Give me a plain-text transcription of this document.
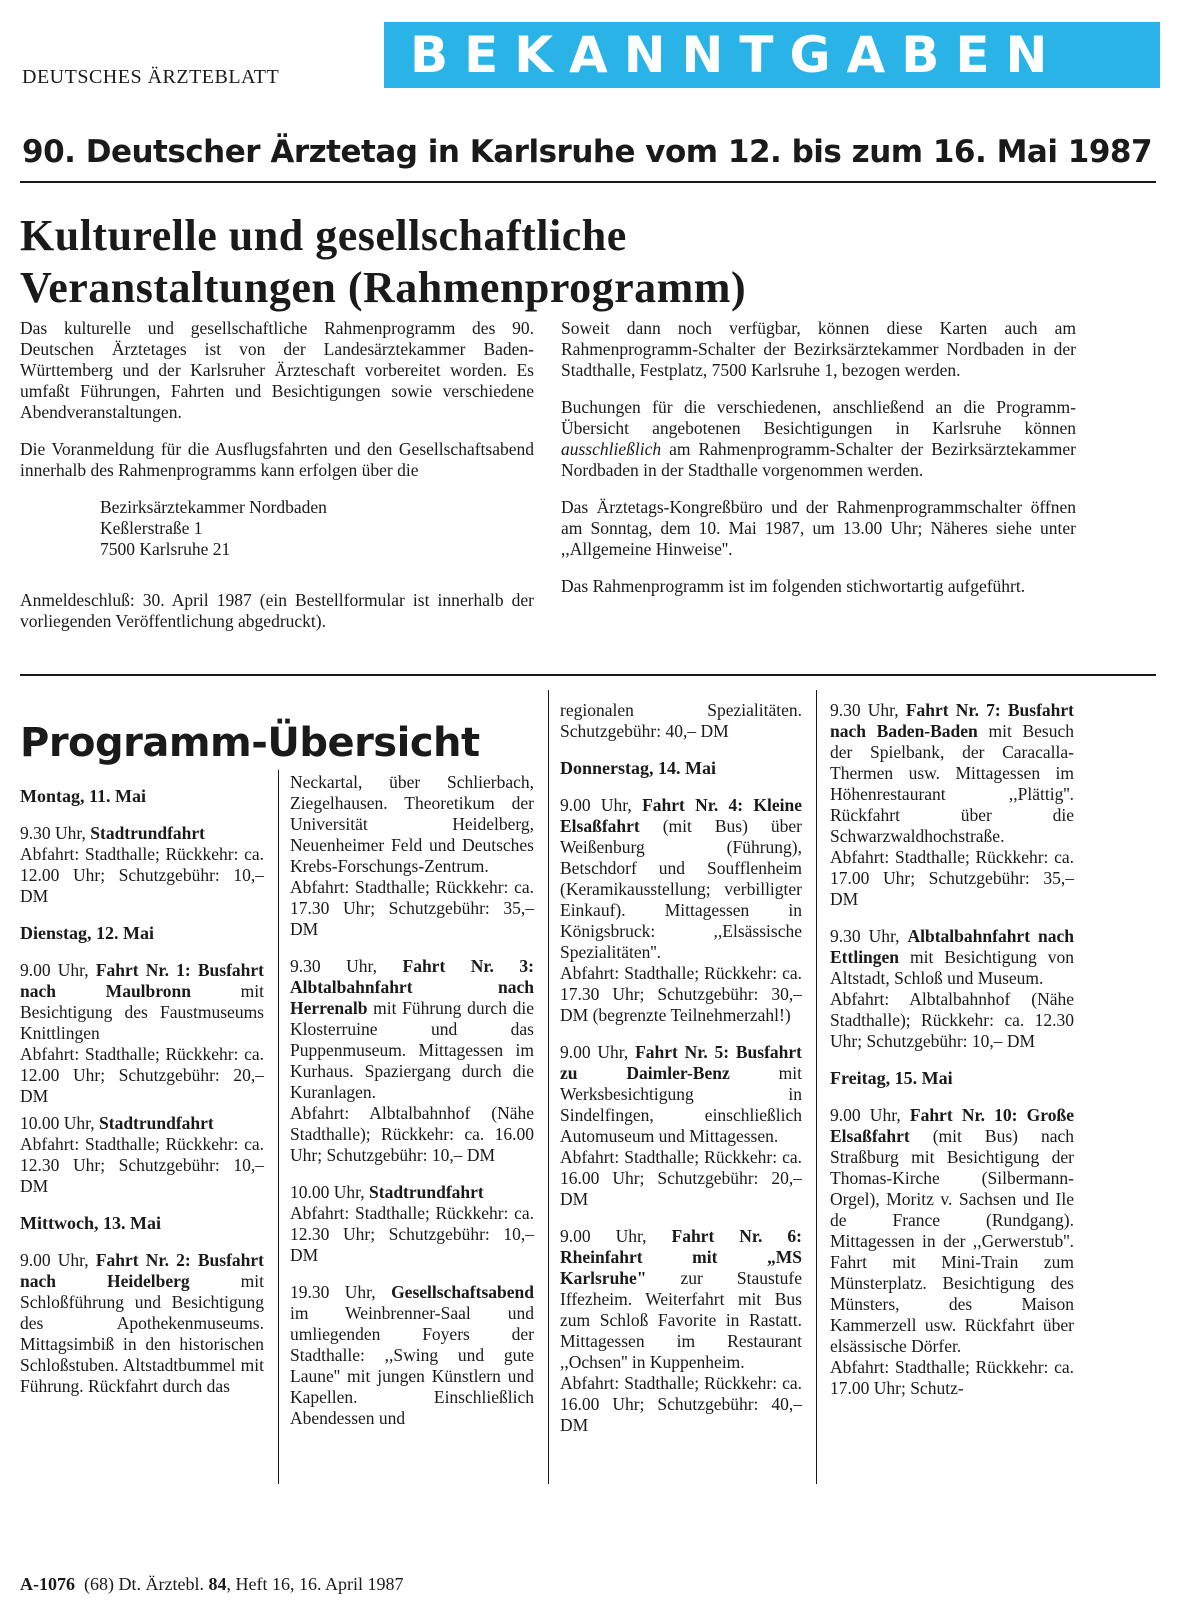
DEUTSCHES ÄRZTEBLATT	BEKANNTGABEN
90. Deutscher Ärztetag in Karlsruhe vom 12. bis zum 16. Mai 1987
Kulturelle und gesellschaftliche
Veranstaltungen (Rahmenprogramm)

Das kulturelle und gesellschaftliche Rahmenprogramm des 90. Deutschen Ärztetages ist von der Landesärztekammer Baden-Württemberg und der Karlsruher Ärzteschaft vorbereitet worden. Es umfaßt Führungen, Fahrten und Besichtigungen sowie verschiedene Abendveranstaltungen.

Die Voranmeldung für die Ausflugsfahrten und den Gesellschaftsabend innerhalb des Rahmenprogramms kann erfolgen über die

Bezirksärztekammer Nordbaden
Keßlerstraße 1
7500 Karlsruhe 21

Anmeldeschluß: 30. April 1987 (ein Bestellformular ist innerhalb der vorliegenden Veröffentlichung abgedruckt).

Soweit dann noch verfügbar, können diese Karten auch am Rahmenprogramm-Schalter der Bezirksärztekammer Nordbaden in der Stadthalle, Festplatz, 7500 Karlsruhe 1, bezogen werden.

Buchungen für die verschiedenen, anschließend an die Programm-Übersicht angebotenen Besichtigungen in Karlsruhe können ausschließlich am Rahmenprogramm-Schalter der Bezirksärztekammer Nordbaden in der Stadthalle vorgenommen werden.

Das Ärztetags-Kongreßbüro und der Rahmenprogrammschalter öffnen am Sonntag, dem 10. Mai 1987, um 13.00 Uhr; Näheres siehe unter ,,Allgemeine Hinweise''.

Das Rahmenprogramm ist im folgenden stichwortartig aufgeführt.

Programm-Übersicht
Montag, 11. Mai

9.30 Uhr, Stadtrundfahrt
Abfahrt: Stadthalle; Rückkehr: ca. 12.00 Uhr; Schutzgebühr: 10,– DM

Dienstag, 12. Mai

9.00 Uhr, Fahrt Nr. 1: Busfahrt nach Maulbronn mit Besichtigung des Faustmuseums Knittlingen
Abfahrt: Stadthalle; Rückkehr: ca. 12.00 Uhr; Schutzgebühr: 20,– DM

10.00 Uhr, Stadtrundfahrt
Abfahrt: Stadthalle; Rückkehr: ca. 12.30 Uhr; Schutzgebühr: 10,– DM

Mittwoch, 13. Mai

9.00 Uhr, Fahrt Nr. 2: Busfahrt nach Heidelberg mit Schloßführung und Besichtigung des Apothekenmuseums. Mittagsimbiß in den historischen Schloßstuben. Altstadtbummel mit Führung. Rückfahrt durch das

Neckartal, über Schlierbach, Ziegelhausen. Theoretikum der Universität Heidelberg, Neuenheimer Feld und Deutsches Krebs-Forschungs-Zentrum.
Abfahrt: Stadthalle; Rückkehr: ca. 17.30 Uhr; Schutzgebühr: 35,– DM

9.30 Uhr, Fahrt Nr. 3: Albtalbahnfahrt nach Herrenalb mit Führung durch die Klosterruine und das Puppenmuseum. Mittagessen im Kurhaus. Spaziergang durch die Kuranlagen.
Abfahrt: Albtalbahnhof (Nähe Stadthalle); Rückkehr: ca. 16.00 Uhr; Schutzgebühr: 10,– DM

10.00 Uhr, Stadtrundfahrt
Abfahrt: Stadthalle; Rückkehr: ca. 12.30 Uhr; Schutzgebühr: 10,– DM

19.30 Uhr, Gesellschaftsabend im Weinbrenner-Saal und umliegenden Foyers der Stadthalle: ,,Swing und gute Laune'' mit jungen Künstlern und Kapellen. Einschließlich Abendessen und

regionalen Spezialitäten. Schutzgebühr: 40,– DM

Donnerstag, 14. Mai

9.00 Uhr, Fahrt Nr. 4: Kleine Elsaßfahrt (mit Bus) über Weißenburg (Führung), Betschdorf und Soufflenheim (Keramikausstellung; verbilligter Einkauf). Mittagessen in Königsbruck: ,,Elsässische Spezialitäten''.
Abfahrt: Stadthalle; Rückkehr: ca. 17.30 Uhr; Schutzgebühr: 30,– DM (begrenzte Teilnehmerzahl!)

9.00 Uhr, Fahrt Nr. 5: Busfahrt zu Daimler-Benz mit Werksbesichtigung in Sindelfingen, einschließlich Automuseum und Mittagessen.
Abfahrt: Stadthalle; Rückkehr: ca. 16.00 Uhr; Schutzgebühr: 20,– DM

9.00 Uhr, Fahrt Nr. 6: Rheinfahrt mit „MS Karlsruhe" zur Staustufe Iffezheim. Weiterfahrt mit Bus zum Schloß Favorite in Rastatt. Mittagessen im Restaurant ,,Ochsen'' in Kuppenheim.
Abfahrt: Stadthalle; Rückkehr: ca. 16.00 Uhr; Schutzgebühr: 40,– DM

9.30 Uhr, Fahrt Nr. 7: Busfahrt nach Baden-Baden mit Besuch der Spielbank, der Caracalla-Thermen usw. Mittagessen im Höhenrestaurant ,,Plättig''. Rückfahrt über die Schwarzwaldhochstraße.
Abfahrt: Stadthalle; Rückkehr: ca. 17.00 Uhr; Schutzgebühr: 35,– DM

9.30 Uhr, Albtalbahnfahrt nach Ettlingen mit Besichtigung von Altstadt, Schloß und Museum.
Abfahrt: Albtalbahnhof (Nähe Stadthalle); Rückkehr: ca. 12.30 Uhr; Schutzgebühr: 10,– DM

Freitag, 15. Mai

9.00 Uhr, Fahrt Nr. 10: Große Elsaßfahrt (mit Bus) nach Straßburg mit Besichtigung der Thomas-Kirche (Silbermann-Orgel), Moritz v. Sachsen und Ile de France (Rundgang). Mittagessen in der ,,Gerwerstub''. Fahrt mit Mini-Train zum Münsterplatz. Besichtigung des Münsters, des Maison Kammerzell usw. Rückfahrt über elsässische Dörfer.
Abfahrt: Stadthalle; Rückkehr: ca. 17.00 Uhr; Schutz-

A-1076  (68) Dt. Ärztebl. 84, Heft 16, 16. April 1987
